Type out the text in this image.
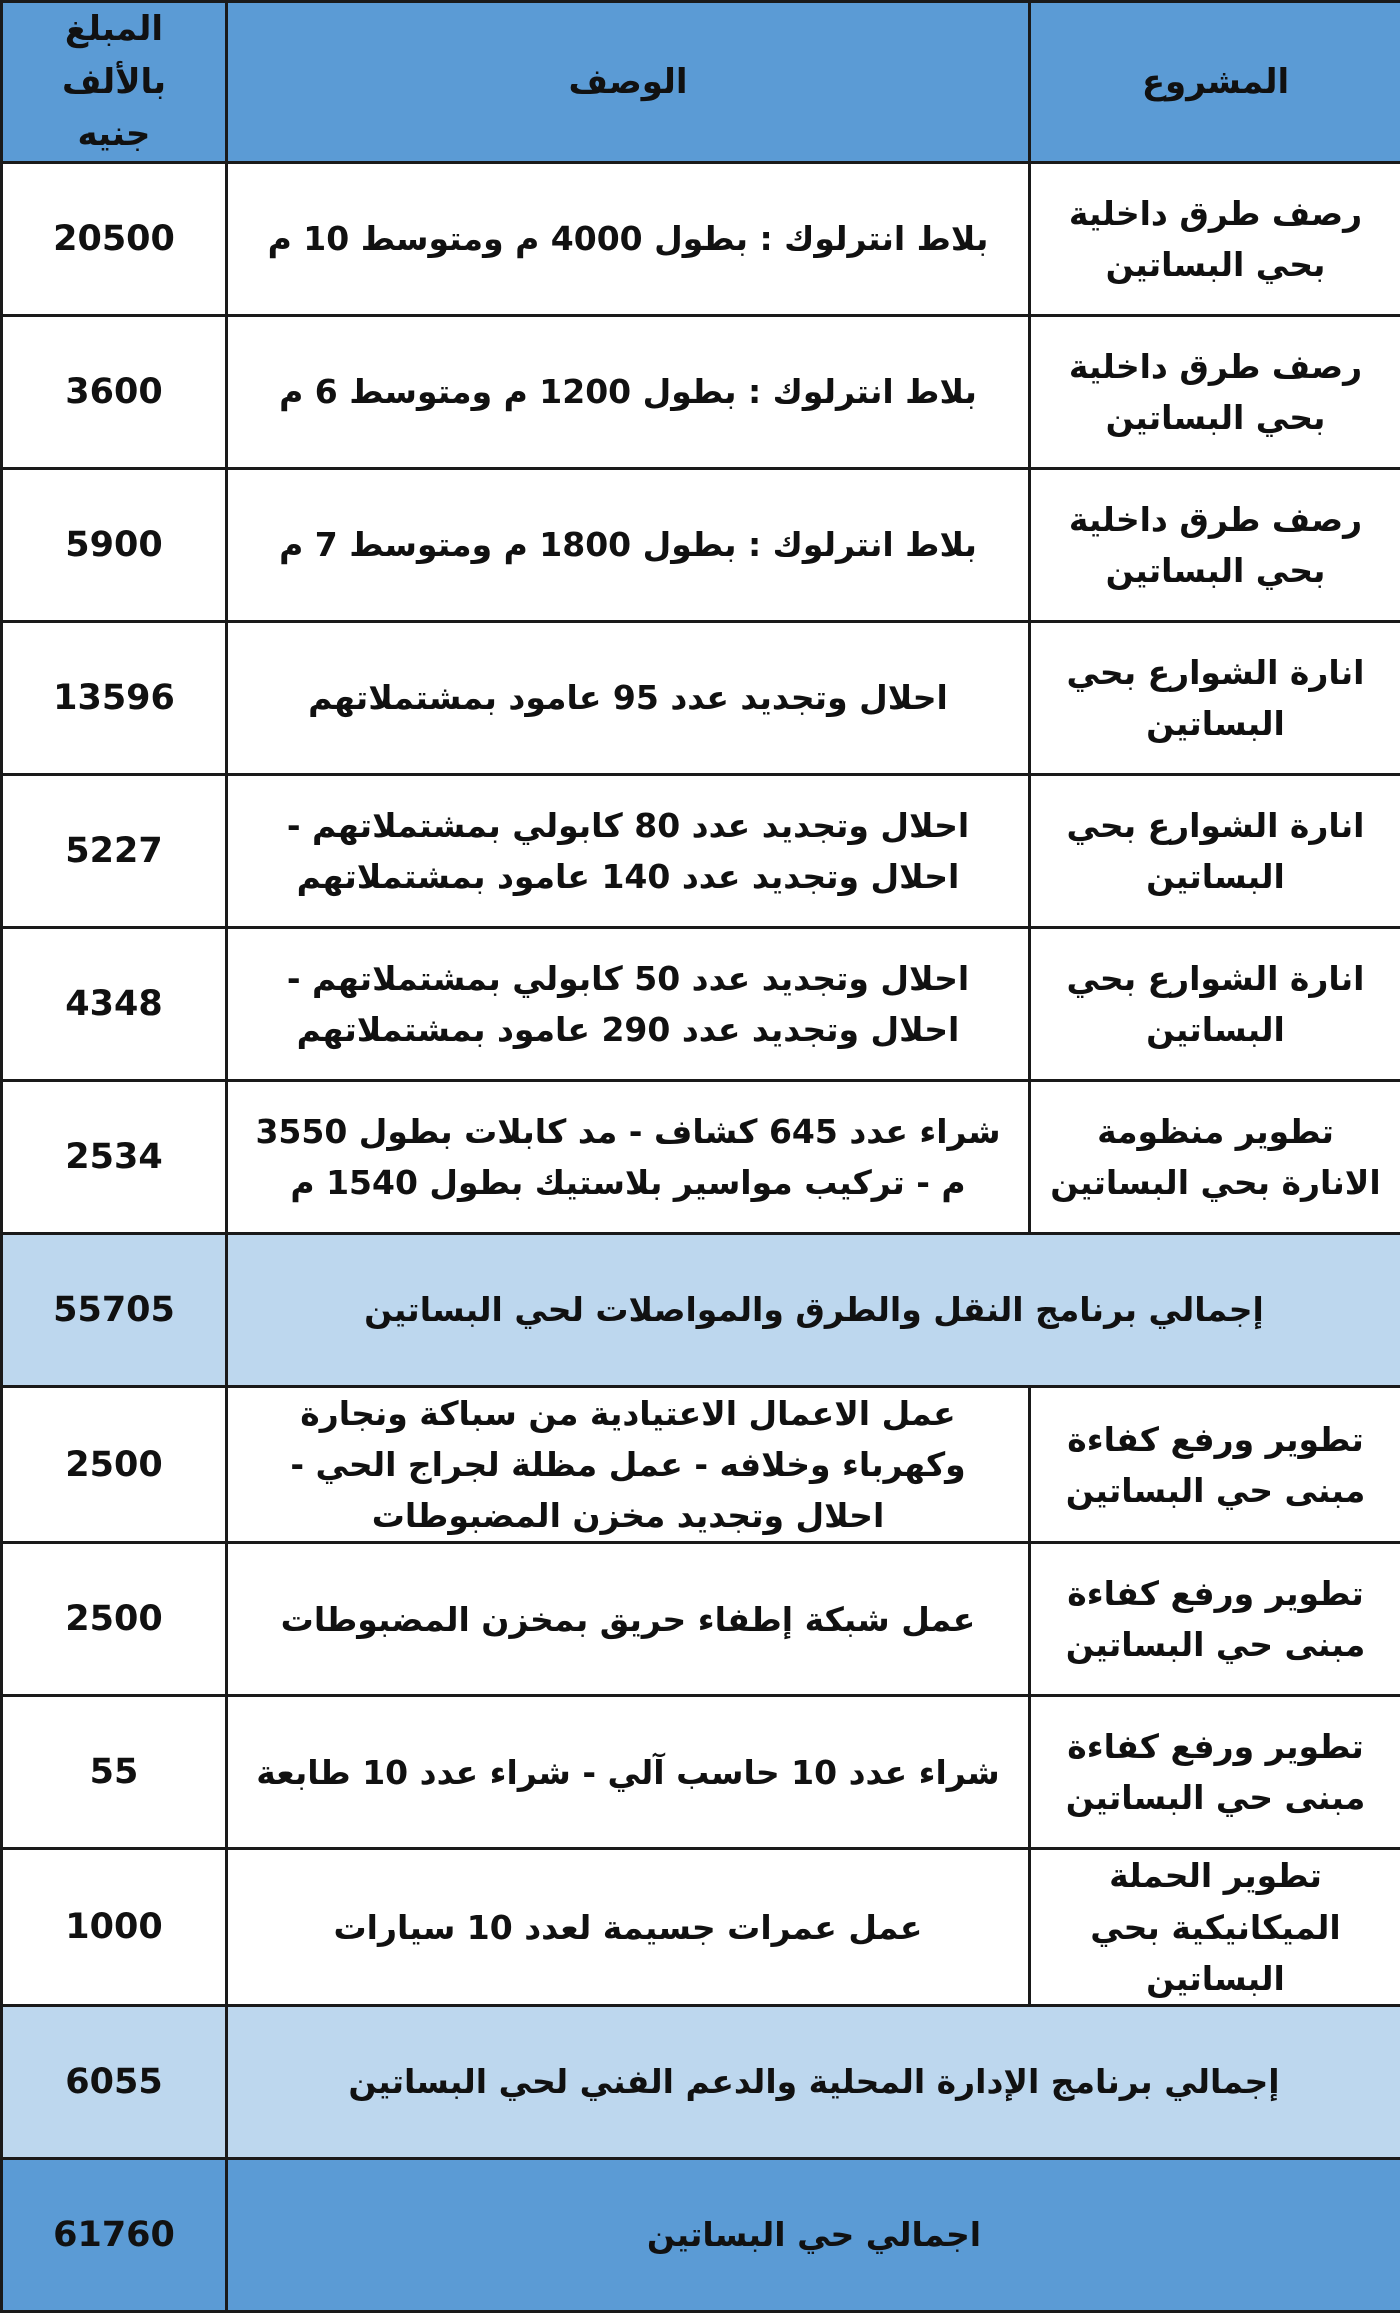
المشروع	الوصف	المبلغ بالألف جنيه
رصف طرق داخلية بحي البساتين	بلاط انترلوك : بطول 4000 م ومتوسط 10 م	20500
رصف طرق داخلية بحي البساتين	بلاط انترلوك : بطول 1200 م ومتوسط 6 م	3600
رصف طرق داخلية بحي البساتين	بلاط انترلوك : بطول 1800 م ومتوسط 7 م	5900
انارة الشوارع بحي البساتين	احلال وتجديد عدد 95 عامود بمشتملاتهم	13596
انارة الشوارع بحي البساتين	احلال وتجديد عدد 80 كابولي بمشتملاتهم - احلال وتجديد عدد 140 عامود بمشتملاتهم	5227
انارة الشوارع بحي البساتين	احلال وتجديد عدد 50 كابولي بمشتملاتهم - احلال وتجديد عدد 290 عامود بمشتملاتهم	4348
تطوير منظومة الانارة بحي البساتين	شراء عدد 645 كشاف - مد كابلات بطول 3550 م - تركيب مواسير بلاستيك بطول 1540 م	2534
إجمالي برنامج النقل والطرق والمواصلات لحي البساتين		55705
تطوير ورفع كفاءة مبنى حي البساتين	عمل الاعمال الاعتيادية من سباكة ونجارة وكهرباء وخلافه - عمل مظلة لجراج الحي - احلال وتجديد مخزن المضبوطات	2500
تطوير ورفع كفاءة مبنى حي البساتين	عمل شبكة إطفاء حريق بمخزن المضبوطات	2500
تطوير ورفع كفاءة مبنى حي البساتين	شراء عدد 10 حاسب آلي - شراء عدد 10 طابعة	55
تطوير الحملة الميكانيكية بحي البساتين	عمل عمرات جسيمة لعدد 10 سيارات	1000
إجمالي برنامج الإدارة المحلية والدعم الفني لحي البساتين		6055
اجمالي حي البساتين		61760
